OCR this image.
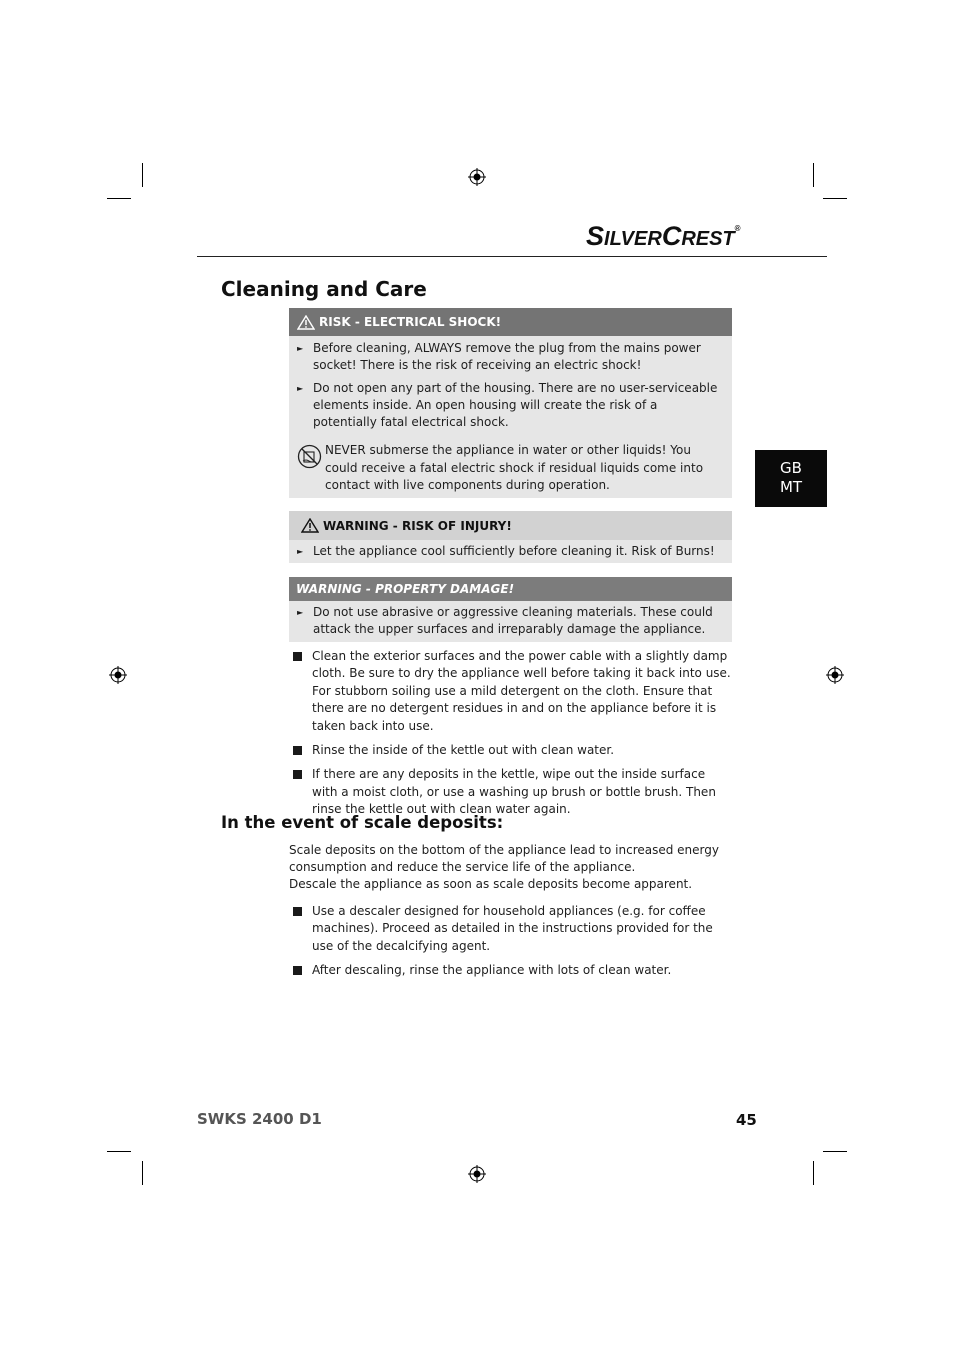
SILVERCREST®
Cleaning and Care
GB
MT
RISK - ELECTRICAL SHOCK!
► Before cleaning, ALWAYS remove the plug from the mains power socket! There is the risk of receiving an electric shock!
► Do not open any part of the housing. There are no user-serviceable elements inside. An open housing will create the risk of a potentially fatal electrical shock.
NEVER submerse the appliance in water or other liquids! You could receive a fatal electric shock if residual liquids come into contact with live components during operation.
WARNING - RISK OF INJURY!
► Let the appliance cool sufficiently before cleaning it. Risk of Burns!
WARNING - PROPERTY DAMAGE!
► Do not use abrasive or aggressive cleaning materials. These could attack the upper surfaces and irreparably damage the appliance.
Clean the exterior surfaces and the power cable with a slightly damp cloth. Be sure to dry the appliance well before taking it back into use. For stubborn soiling use a mild detergent on the cloth. Ensure that there are no detergent residues in and on the appliance before it is taken back into use.
Rinse the inside of the kettle out with clean water.
If there are any deposits in the kettle, wipe out the inside surface with a moist cloth, or use a washing up brush or bottle brush. Then rinse the kettle out with clean water again.
In the event of scale deposits:
Scale deposits on the bottom of the appliance lead to increased energy consumption and reduce the service life of the appliance.
Descale the appliance as soon as scale deposits become apparent.
Use a descaler designed for household appliances (e.g. for coffee machines). Proceed as detailed in the instructions provided for the use of the decalcifying agent.
After descaling, rinse the appliance with lots of clean water.
SWKS 2400 D1	45
